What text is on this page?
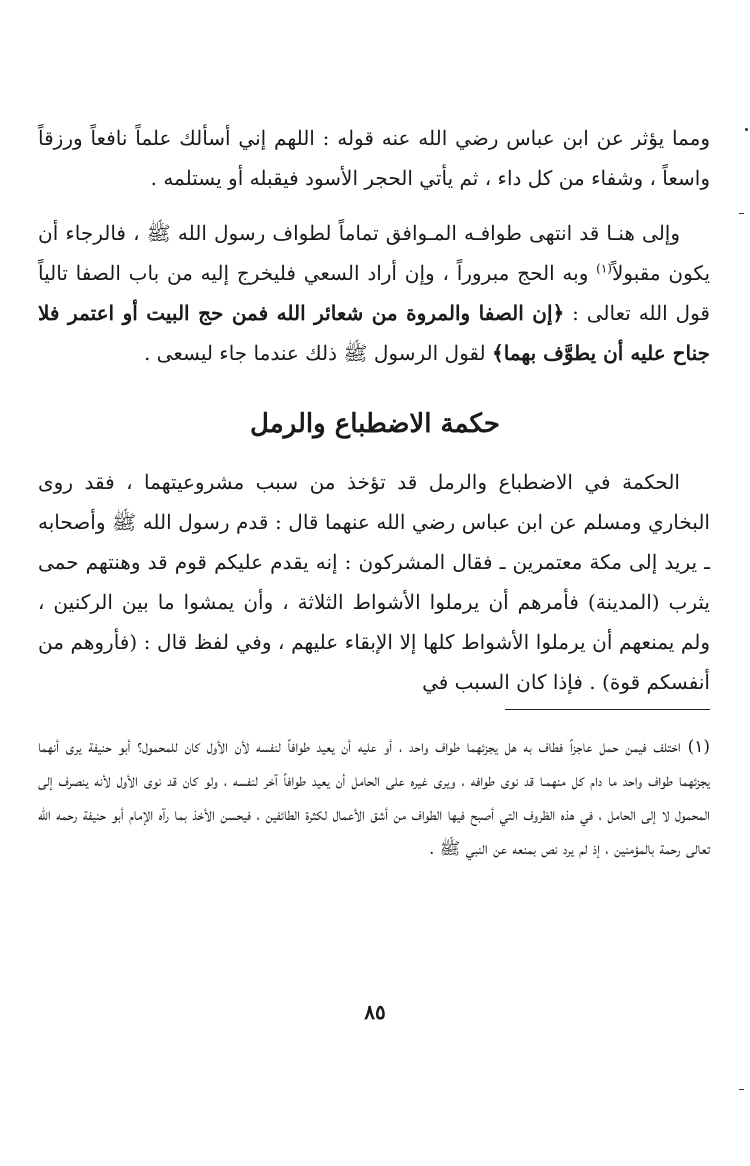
ومما يؤثر عن ابن عباس رضي الله عنه قوله : اللهم إني أسألك علماً نافعاً ورزقاً واسعاً ، وشفاء من كل داء ، ثم يأتي الحجر الأسود فيقبله أو يستلمه .

وإلى هنـا قد انتهى طوافـه المـوافق تماماً لطواف رسول الله ﷺ ، فالرجاء أن يكون مقبولاً$^{(١)}$ وبه الحج مبروراً ، وإن أراد السعي فليخرج إليه من باب الصفا تالياً قول الله تعالى : ﴿إن الصفا والمروة من شعائر الله فمن حج البيت أو اعتمر فلا جناح عليه أن يطوَّف بهما﴾ لقول الرسول ﷺ ذلك عندما جاء ليسعى .

حكمة الاضطباع والرمل

الحكمة في الاضطباع والرمل قد تؤخذ من سبب مشروعيتهما ، فقد روى البخاري ومسلم عن ابن عباس رضي الله عنهما قال : قدم رسول الله ﷺ وأصحابه ـ يريد إلى مكة معتمرين ـ فقال المشركون : إنه يقدم عليكم قوم قد وهنتهم حمى يثرب (المدينة) فأمرهم أن يرملوا الأشواط الثلاثة ، وأن يمشوا ما بين الركنين ، ولم يمنعهم أن يرملوا الأشواط كلها إلا الإبقاء عليهم ، وفي لفظ قال : (فأروهم من أنفسكم قوة) . فإذا كان السبب في

(١) اختلف فيمن حمل عاجزاً فطاف به هل يجزئهما طواف واحد ، أو عليه أن يعيد طوافاً لنفسه لأن الأول كان للمحمول؟ أبو حنيفة يرى أنهما يجزئهما طواف واحد ما دام كل منهمـا قد نوى طوافه ، ويرى غيره على الحامل أن يعيد طوافاً آخر لنفسه ، ولو كان قد نوى الأول لأنه ينصرف إلى المحمول لا إلى الحامل ، في هذه الظروف التي أصبح فيها الطواف من أشق الأعمال لكثرة الطائفين ، فيحسن الأخذ بما رآه الإمام أبو حنيفة رحمه الله تعالى رحمة بالمؤمنين ، إذ لم يرد نص بمنعه عن النبي ﷺ .

٨٥
